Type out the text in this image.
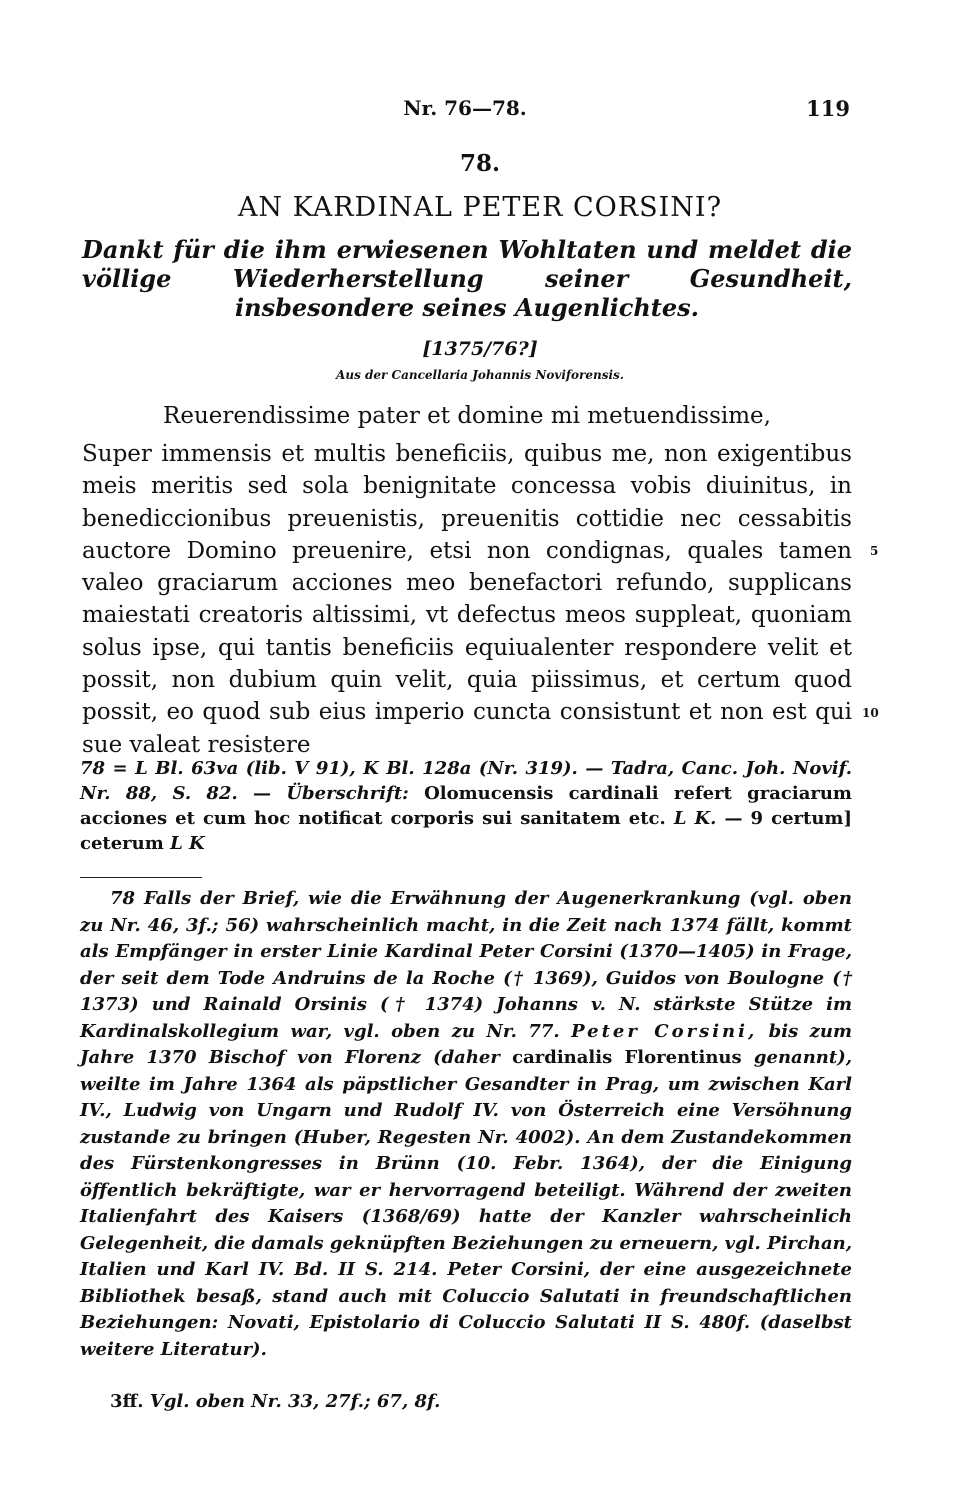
Nr. 76—78.	119
78.
AN KARDINAL PETER CORSINI?
Dankt für die ihm erwiesenen Wohltaten und meldet die völlige Wiederherstellung seiner Gesundheit, insbesondere seines Augenlichtes.
[1375/76?]
Aus der Cancellaria Johannis Noviforensis.

Reuerendissime pater et domine mi metuendissime,

Super immensis et multis beneficiis, quibus me, non exigentibus meis meritis sed sola benignitate concessa vobis diuinitus, in benediccionibus preuenistis, preuenitis cottidie nec cessabitis auctore Domino preuenire, etsi non condignas, quales tamen valeo graciarum acciones meo benefactori refundo, supplicans maiestati creatoris altissimi, vt defectus meos suppleat, quoniam solus ipse, qui tantis beneficiis equiualenter respondere velit et possit, non dubium quin velit, quia piissimus, et certum quod possit, eo quod sub eius imperio cuncta consistunt et non est qui sue valeat resistere

5
10
78 = L Bl. 63va (lib. V 91), K Bl. 128a (Nr. 319). — Tadra, Canc. Joh. Novif. Nr. 88, S. 82. — Überschrift: Olomucensis cardinali refert graciarum acciones et cum hoc notificat corporis sui sanitatem etc. L K. — 9 certum] ceterum L K
78 Falls der Brief, wie die Erwähnung der Augenerkrankung (vgl. oben zu Nr. 46, 3f.; 56) wahrscheinlich macht, in die Zeit nach 1374 fällt, kommt als Empfänger in erster Linie Kardinal Peter Corsini (1370—1405) in Frage, der seit dem Tode Andruins de la Roche († 1369), Guidos von Boulogne († 1373) und Rainald Orsinis († 1374) Johanns v. N. stärkste Stütze im Kardinalskollegium war, vgl. oben zu Nr. 77. Peter Corsini, bis zum Jahre 1370 Bischof von Florenz (daher cardinalis Florentinus genannt), weilte im Jahre 1364 als päpstlicher Gesandter in Prag, um zwischen Karl IV., Ludwig von Ungarn und Rudolf IV. von Österreich eine Versöhnung zustande zu bringen (Huber, Regesten Nr. 4002). An dem Zustandekommen des Fürstenkongresses in Brünn (10. Febr. 1364), der die Einigung öffentlich bekräftigte, war er hervorragend beteiligt. Während der zweiten Italienfahrt des Kaisers (1368/69) hatte der Kanzler wahrscheinlich Gelegenheit, die damals geknüpften Beziehungen zu erneuern, vgl. Pirchan, Italien und Karl IV. Bd. II S. 214. Peter Corsini, der eine ausgezeichnete Bibliothek besaß, stand auch mit Coluccio Salutati in freundschaftlichen Beziehungen: Novati, Epistolario di Coluccio Salutati II S. 480f. (daselbst weitere Literatur).
3ff. Vgl. oben Nr. 33, 27f.; 67, 8f.
